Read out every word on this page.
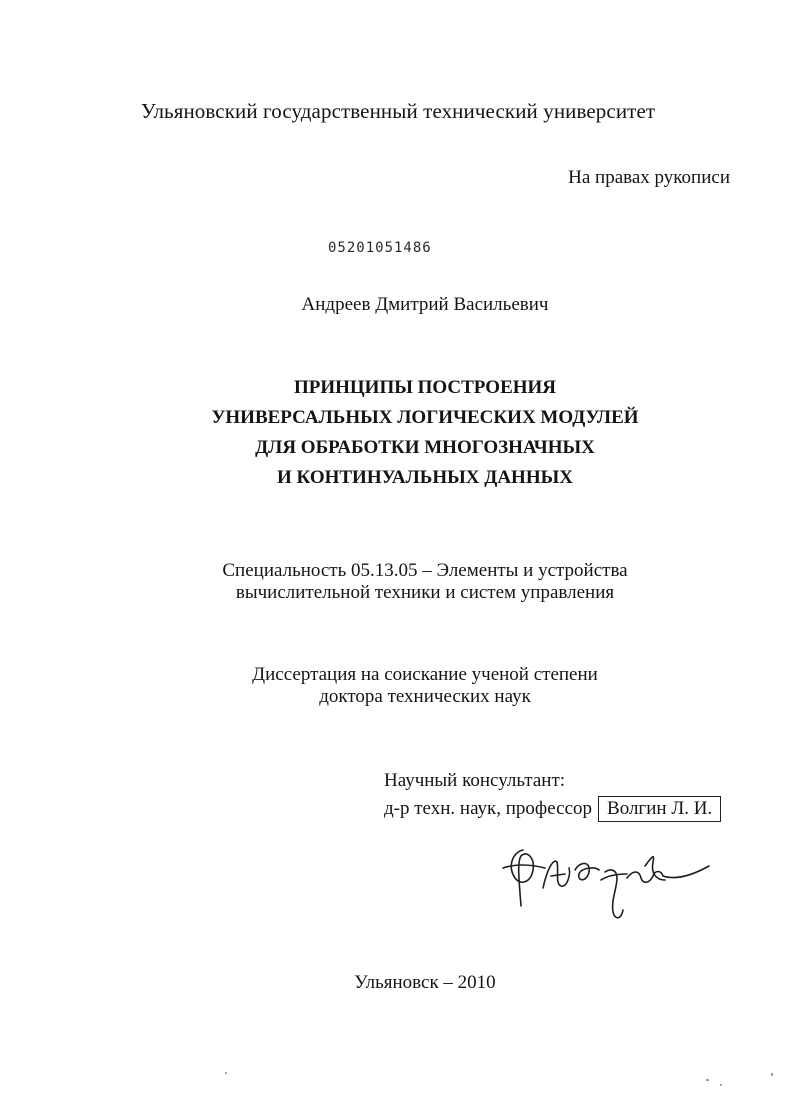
Ульяновский государственный технический университет
На правах рукописи
05201051486
Андреев Дмитрий Васильевич
ПРИНЦИПЫ ПОСТРОЕНИЯ
УНИВЕРСАЛЬНЫХ ЛОГИЧЕСКИХ МОДУЛЕЙ
ДЛЯ ОБРАБОТКИ МНОГОЗНАЧНЫХ
И КОНТИНУАЛЬНЫХ ДАННЫХ
Специальность 05.13.05 – Элементы и устройства
вычислительной техники и систем управления
Диссертация на соискание ученой степени
доктора технических наук
Научный консультант:
д-р техн. наук, профессор Волгин Л. И.
Ульяновск – 2010
